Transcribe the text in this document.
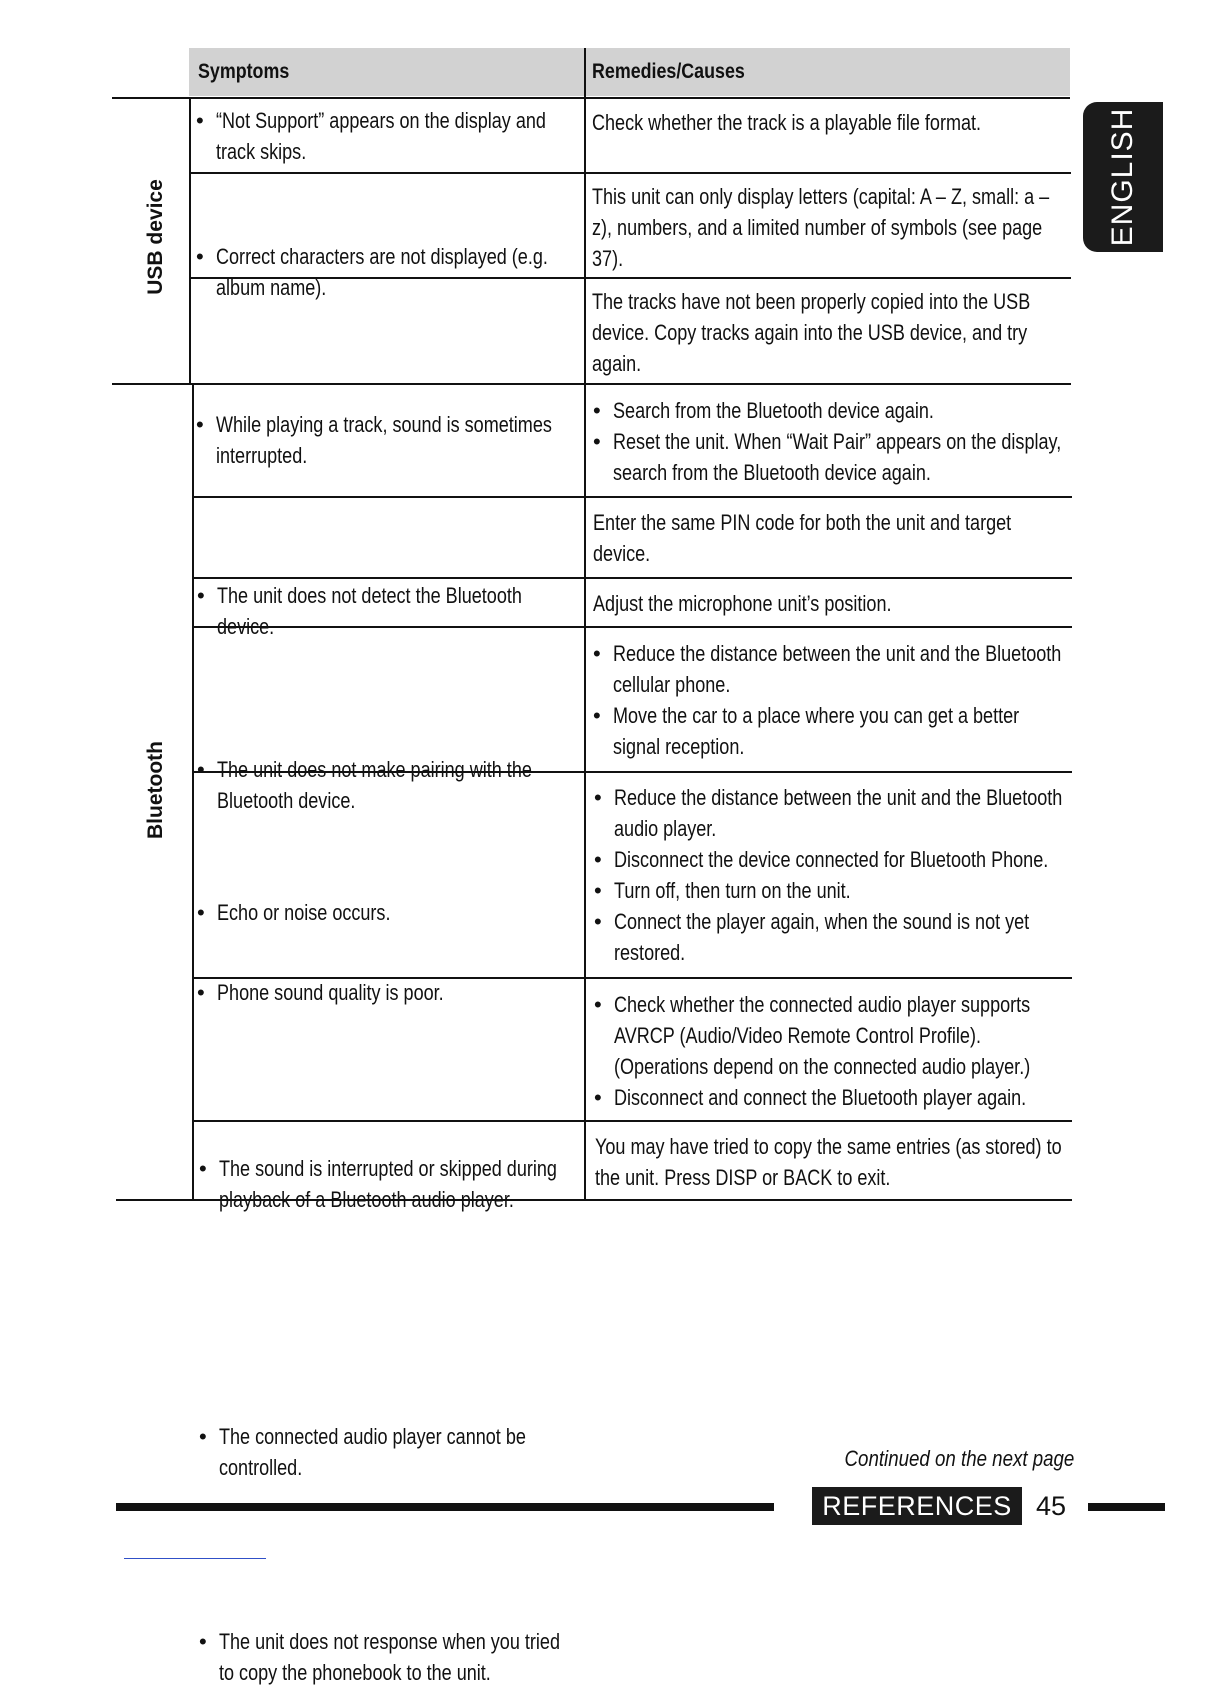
Symptoms	Remedies/Causes
USB device
Bluetooth
• “Not Support” appears on the display and track skips.
Check whether the track is a playable file format.
• Correct characters are not displayed (e.g. album name).
This unit can only display letters (capital: A – Z, small: a – z), numbers, and a limited number of symbols (see page 37).
• While playing a track, sound is sometimes interrupted.
The tracks have not been properly copied into the USB device. Copy tracks again into the USB device, and try again.
• The unit does not detect the Bluetooth device.
• Search from the Bluetooth device again.
• Reset the unit. When “Wait Pair” appears on the display, search from the Bluetooth device again.
• The unit does not make pairing with the Bluetooth device.
Enter the same PIN code for both the unit and target device.
• Echo or noise occurs.
Adjust the microphone unit’s position.
• Phone sound quality is poor.
• Reduce the distance between the unit and the Bluetooth cellular phone.
• Move the car to a place where you can get a better signal reception.
• The sound is interrupted or skipped during playback of a Bluetooth audio player.
• Reduce the distance between the unit and the Bluetooth audio player.
• Disconnect the device connected for Bluetooth Phone.
• Turn off, then turn on the unit.
• Connect the player again, when the sound is not yet restored.
• The connected audio player cannot be controlled.
• Check whether the connected audio player supports AVRCP (Audio/Video Remote Control Profile). (Operations depend on the connected audio player.)
• Disconnect and connect the Bluetooth player again.
• The unit does not response when you tried to copy the phonebook to the unit.
You may have tried to copy the same entries (as stored) to the unit. Press DISP or BACK to exit.
ENGLISH
Continued on the next page
REFERENCES 45
